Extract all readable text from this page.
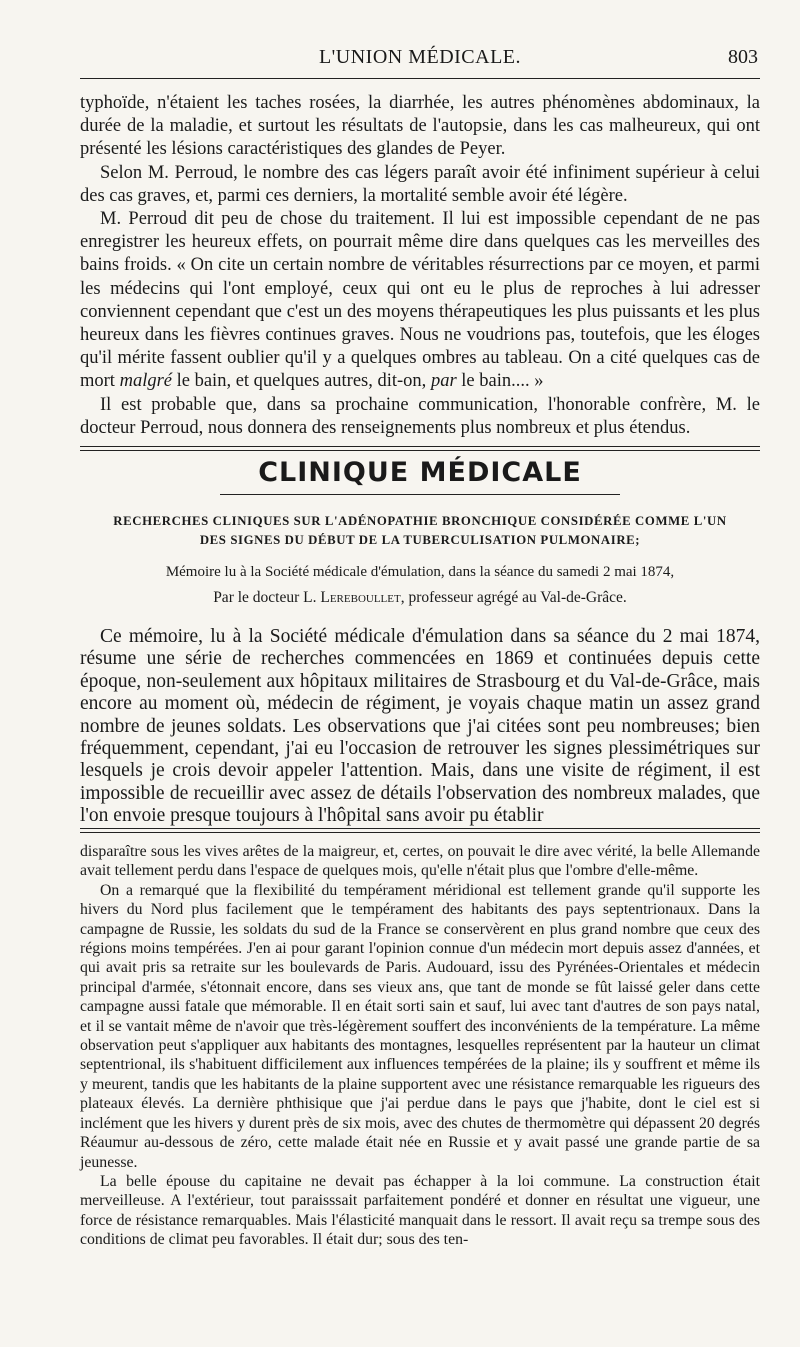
L'UNION MÉDICALE.	803

typhoïde, n'étaient les taches rosées, la diarrhée, les autres phénomènes abdominaux, la durée de la maladie, et surtout les résultats de l'autopsie, dans les cas malheureux, qui ont présenté les lésions caractéristiques des glandes de Peyer.

Selon M. Perroud, le nombre des cas légers paraît avoir été infiniment supérieur à celui des cas graves, et, parmi ces derniers, la mortalité semble avoir été légère.

M. Perroud dit peu de chose du traitement. Il lui est impossible cependant de ne pas enregistrer les heureux effets, on pourrait même dire dans quelques cas les merveilles des bains froids. « On cite un certain nombre de véritables résurrections par ce moyen, et parmi les médecins qui l'ont employé, ceux qui ont eu le plus de reproches à lui adresser conviennent cependant que c'est un des moyens thérapeutiques les plus puissants et les plus heureux dans les fièvres continues graves. Nous ne voudrions pas, toutefois, que les éloges qu'il mérite fassent oublier qu'il y a quelques ombres au tableau. On a cité quelques cas de mort malgré le bain, et quelques autres, dit-on, par le bain.... »

Il est probable que, dans sa prochaine communication, l'honorable confrère, M. le docteur Perroud, nous donnera des renseignements plus nombreux et plus étendus.

CLINIQUE MÉDICALE
RECHERCHES CLINIQUES SUR L'ADÉNOPATHIE BRONCHIQUE CONSIDÉRÉE COMME L'UN
DES SIGNES DU DÉBUT DE LA TUBERCULISATION PULMONAIRE;
Mémoire lu à la Société médicale d'émulation, dans la séance du samedi 2 mai 1874,
Par le docteur L. Lereboullet, professeur agrégé au Val-de-Grâce.

Ce mémoire, lu à la Société médicale d'émulation dans sa séance du 2 mai 1874, résume une série de recherches commencées en 1869 et continuées depuis cette époque, non-seulement aux hôpitaux militaires de Strasbourg et du Val-de-Grâce, mais encore au moment où, médecin de régiment, je voyais chaque matin un assez grand nombre de jeunes soldats. Les observations que j'ai citées sont peu nombreuses; bien fréquemment, cependant, j'ai eu l'occasion de retrouver les signes plessimétriques sur lesquels je crois devoir appeler l'attention. Mais, dans une visite de régiment, il est impossible de recueillir avec assez de détails l'observation des nombreux malades, que l'on envoie presque toujours à l'hôpital sans avoir pu établir

disparaître sous les vives arêtes de la maigreur, et, certes, on pouvait le dire avec vérité, la belle Allemande avait tellement perdu dans l'espace de quelques mois, qu'elle n'était plus que l'ombre d'elle-même.

On a remarqué que la flexibilité du tempérament méridional est tellement grande qu'il supporte les hivers du Nord plus facilement que le tempérament des habitants des pays septentrionaux. Dans la campagne de Russie, les soldats du sud de la France se conservèrent en plus grand nombre que ceux des régions moins tempérées. J'en ai pour garant l'opinion connue d'un médecin mort depuis assez d'années, et qui avait pris sa retraite sur les boulevards de Paris. Audouard, issu des Pyrénées-Orientales et médecin principal d'armée, s'étonnait encore, dans ses vieux ans, que tant de monde se fût laissé geler dans cette campagne aussi fatale que mémorable. Il en était sorti sain et sauf, lui avec tant d'autres de son pays natal, et il se vantait même de n'avoir que très-légèrement souffert des inconvénients de la température. La même observation peut s'appliquer aux habitants des montagnes, lesquelles représentent par la hauteur un climat septentrional, ils s'habituent difficilement aux influences tempérées de la plaine; ils y souffrent et même ils y meurent, tandis que les habitants de la plaine supportent avec une résistance remarquable les rigueurs des plateaux élevés. La dernière phthisique que j'ai perdue dans le pays que j'habite, dont le ciel est si inclément que les hivers y durent près de six mois, avec des chutes de thermomètre qui dépassent 20 degrés Réaumur au-dessous de zéro, cette malade était née en Russie et y avait passé une grande partie de sa jeunesse.

La belle épouse du capitaine ne devait pas échapper à la loi commune. La construction était merveilleuse. A l'extérieur, tout paraisssait parfaitement pondéré et donner en résultat une vigueur, une force de résistance remarquables. Mais l'élasticité manquait dans le ressort. Il avait reçu sa trempe sous des conditions de climat peu favorables. Il était dur; sous des ten-
